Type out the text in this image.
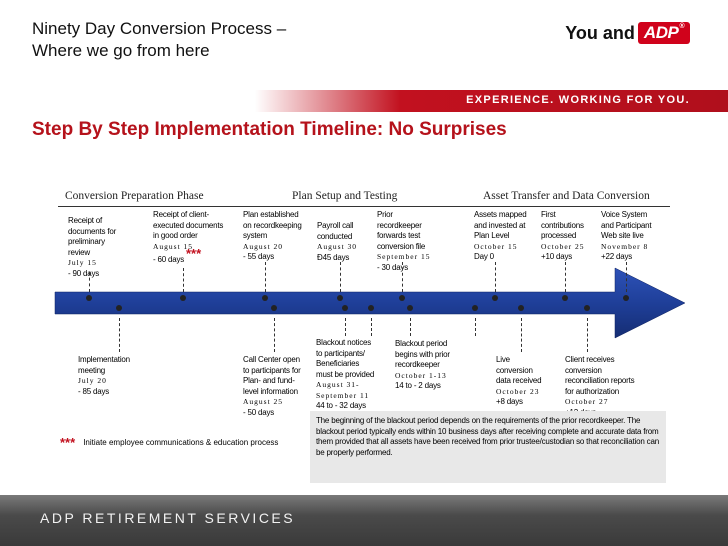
Ninety Day Conversion Process –
Where we go from here
You and ADP®
EXPERIENCE. WORKING FOR YOU.
Step By Step Implementation Timeline: No Surprises
Conversion Preparation Phase	Plan Setup and Testing	Asset Transfer and Data Conversion
Receipt of
documents for
preliminary
review
July 15
- 90 days
Receipt of client-
executed documents
in good order
August 15
- 60 days ***
Plan established
on recordkeeping
system
August 20
- 55 days
Payroll call
conducted
August 30
Ð45 days
Prior
recordkeeper
forwards test
conversion file
September 15
- 30 days
Assets mapped
and invested at
Plan Level
October 15
Day 0
First
contributions
processed
October 25
+10 days
Voice System
and Participant
Web site live
November 8
+22 days
Implementation
meeting
July 20
- 85 days
Call Center open
to participants for
Plan- and fund-
level information
August 25
- 50 days
Blackout notices
to participants/
Beneficiaries
must be provided
August 31-
September 11
44 to - 32 days
Blackout period
begins with prior
recordkeeper
October 1-13
14 to - 2 days
Live
conversion
data received
October 23
+8 days
Client receives
conversion
reconciliation reports
for authorization
October 27
*** Initiate employee communications & education process
The beginning of the blackout period depends on the requirements of the prior recordkeeper. The blackout period typically ends within 10 business days after receiving complete and accurate data from them provided that all assets have been received from prior trustee/custodian so that reconciliation can be properly performed.
ADP RETIREMENT SERVICES
